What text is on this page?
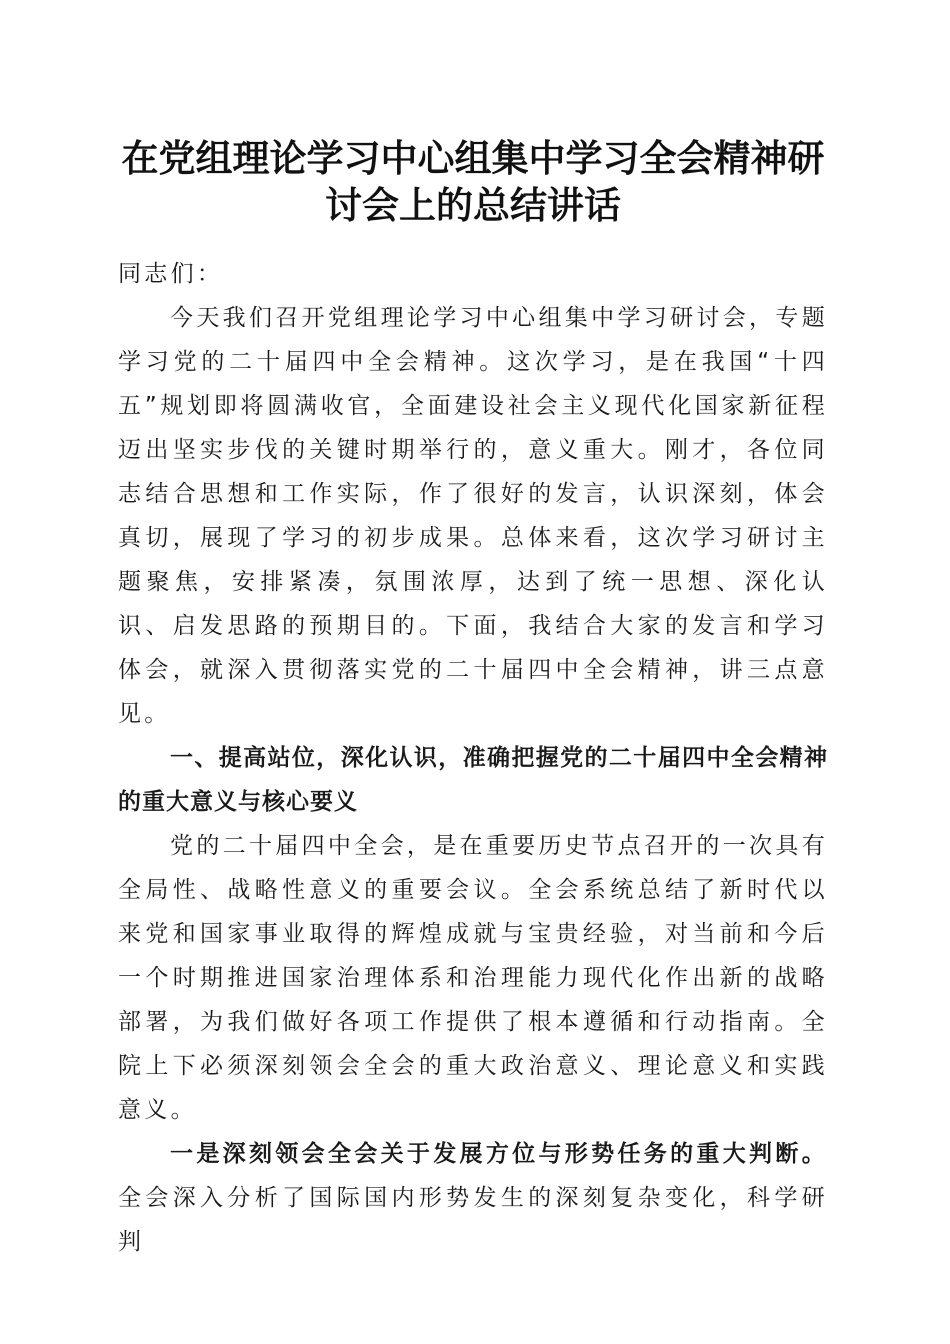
在党组理论学习中心组集中学习全会精神研讨会上的总结讲话

同志们：

今天我们召开党组理论学习中心组集中学习研讨会，专题学习党的二十届四中全会精神。这次学习，是在我国“十四五”规划即将圆满收官，全面建设社会主义现代化国家新征程迈出坚实步伐的关键时期举行的，意义重大。刚才，各位同志结合思想和工作实际，作了很好的发言，认识深刻，体会真切，展现了学习的初步成果。总体来看，这次学习研讨主题聚焦，安排紧凑，氛围浓厚，达到了统一思想、深化认识、启发思路的预期目的。下面，我结合大家的发言和学习体会，就深入贯彻落实党的二十届四中全会精神，讲三点意见。

一、提高站位，深化认识，准确把握党的二十届四中全会精神的重大意义与核心要义

党的二十届四中全会，是在重要历史节点召开的一次具有全局性、战略性意义的重要会议。全会系统总结了新时代以来党和国家事业取得的辉煌成就与宝贵经验，对当前和今后一个时期推进国家治理体系和治理能力现代化作出新的战略部署，为我们做好各项工作提供了根本遵循和行动指南。全院上下必须深刻领会全会的重大政治意义、理论意义和实践意义。

一是深刻领会全会关于发展方位与形势任务的重大判断。全会深入分析了国际国内形势发生的深刻复杂变化，科学研判
